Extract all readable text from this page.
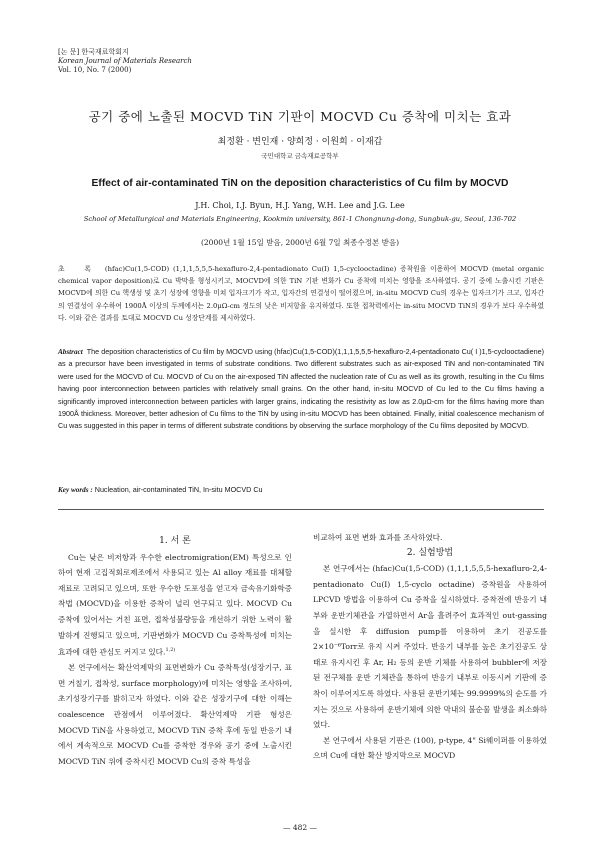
[논 문] 한국재료학회지
Korean Journal of Materials Research
Vol. 10, No. 7 (2000)
공기 중에 노출된 MOCVD TiN 기판이 MOCVD Cu 증착에 미치는 효과
최정환 · 변인재 · 양희정 · 이원희 · 이재갑
국민대학교 금속재료공학부
Effect of air-contaminated TiN on the deposition characteristics of Cu film by MOCVD
J.H. Choi, I.J. Byun, H.J. Yang, W.H. Lee and J.G. Lee
School of Metallurgical and Materials Engineering, Kookmin university, 861-1 Chongnung-dong, Sungbuk-gu, Seoul, 136-702
(2000년 1월 15일 받음, 2000년 6월 7일 최종수정본 받음)
초 록 (hfac)Cu(1,5-COD) (1,1,1,5,5,5-hexafluro-2,4-pentadionato Cu(I) 1,5-cyclooctadine) 증착원을 이용하여 MOCVD (metal organic chemical vapor deposition)로 Cu 박막을 형성시키고, MOCVD에 의한 TiN 기판 변화가 Cu 증착에 미치는 영향을 조사하였다. 공기 중에 노출시킨 기판은 MOCVD에 의한 Cu 핵생성 및 초기 성장에 영향을 미쳐 입자크기가 작고, 입자간의 연결성이 떨어졌으며, in-situ MOCVD Cu의 경우는 입자크기가 크고, 입자간의 연결성이 우수하여 1900Å 이상의 두께에서는 2.0μΩ-cm 정도의 낮은 비저항을 유지하였다. 또한 접착력에서는 in-situ MOCVD TiN의 경우가 보다 우수하였다. 이와 같은 결과를 토대로 MOCVD Cu 성장단계를 제시하였다.
Abstract The deposition characteristics of Cu film by MOCVD using (hfac)Cu(1,5-COD)(1,1,1,5,5,5-hexafluro-2,4-pentadionato Cu( I )1,5-cyclooctadiene) as a precursor have been investigated in terms of substrate conditions. Two different substrates such as air-exposed TiN and non-contaminated TiN were used for the MOCVD of Cu. MOCVD of Cu on the air-exposed TiN affected the nucleation rate of Cu as well as its growth, resulting in the Cu films having poor interconnection between particles with relatively small grains. On the other hand, in-situ MOCVD of Cu led to the Cu films having a significantly improved interconnection between particles with larger grains, indicating the resistivity as low as 2.0μΩ-cm for the films having more than 1900Å thickness. Moreover, better adhesion of Cu films to the TiN by using in-situ MOCVD has been obtained. Finally, initial coalescence mechanism of Cu was suggested in this paper in terms of different substrate conditions by observing the surface morphology of the Cu films deposited by MOCVD.
Key words : Nucleation, air-contaminated TiN, In-situ MOCVD Cu

1. 서 론

Cu는 낮은 비저항과 우수한 electromigration(EM) 특성으로 인하여 현재 고집적회로제조에서 사용되고 있는 Al alloy 재료를 대체할 재료로 고려되고 있으며, 또한 우수한 도포성을 얻고자 금속유기화학증착법 (MOCVD)을 이용한 증착이 널리 연구되고 있다. MOCVD Cu 증착에 있어서는 거친 표면, 접착성불량등을 개선하기 위한 노력이 활발하게 진행되고 있으며, 기판변화가 MOCVD Cu 증착특성에 미치는 효과에 대한 관심도 커지고 있다.$^{1,2)}$

본 연구에서는 확산억제막의 표면변화가 Cu 증착특성(성장기구, 표면 거칠기, 접착성, surface morphology)에 미치는 영향을 조사하여, 초기성장기구를 밝히고자 하였다. 이와 같은 성장기구에 대한 이해는 coalescence 관점에서 이루어졌다. 확산억제막 기판 형성은 MOCVD TiN을 사용하였고, MOCVD TiN 증착 후에 동일 반응기 내에서 계속적으로 MOCVD Cu를 증착한 경우와 공기 중에 노출시킨 MOCVD TiN 위에 증착시킨 MOCVD Cu의 증착 특성을

비교하여 표면 변화 효과를 조사하였다.

2. 실험방법

본 연구에서는 (hfac)Cu(1,5-COD) (1,1,1,5,5,5-hexafluro-2,4-pentadionato Cu(I) 1,5-cyclo octadine) 증착원을 사용하여 LPCVD 방법을 이용하여 Cu 증착을 실시하였다. 증착전에 반응기 내부와 운반기체관을 가열하면서 Ar을 흘려주어 효과적인 out-gassing을 실시한 후 diffusion pump를 이용하여 초기 진공도를 2×10⁻⁶Torr로 유지 시켜 주었다. 반응기 내부를 높은 초기진공도 상태로 유지시킨 후 Ar, H₂ 등의 운반 기체를 사용하여 bubbler에 저장된 전구체를 운반 기체관을 통하여 반응기 내부로 이동시켜 기판에 증착이 이루어지도록 하였다. 사용된 운반기체는 99.9999%의 순도를 가지는 것으로 사용하여 운반기체에 의한 막내의 불순물 발생을 최소화하였다.

본 연구에서 사용된 기판은 (100), p-type, 4" Si웨이퍼를 이용하였으며 Cu에 대한 확산 방지막으로 MOCVD

— 482 —
